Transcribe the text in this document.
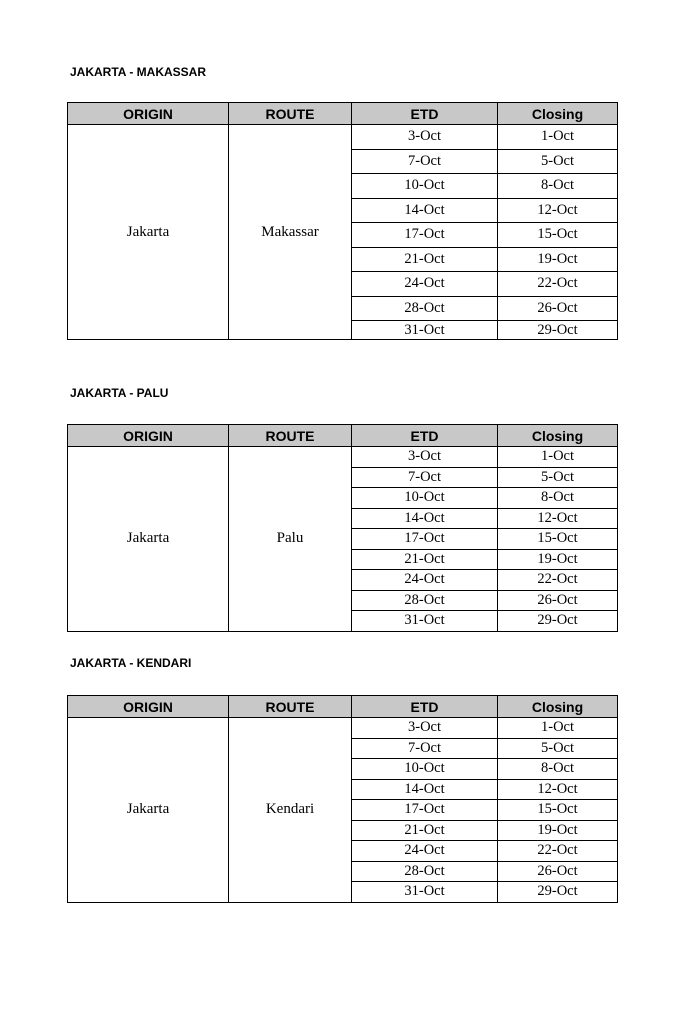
JAKARTA - MAKASSAR
ORIGIN	ROUTE	ETD	Closing
Jakarta	Makassar	3-Oct	1-Oct
		7-Oct	5-Oct
		10-Oct	8-Oct
		14-Oct	12-Oct
		17-Oct	15-Oct
		21-Oct	19-Oct
		24-Oct	22-Oct
		28-Oct	26-Oct
		31-Oct	29-Oct
JAKARTA - PALU
ORIGIN	ROUTE	ETD	Closing
Jakarta	Palu	3-Oct	1-Oct
		7-Oct	5-Oct
		10-Oct	8-Oct
		14-Oct	12-Oct
		17-Oct	15-Oct
		21-Oct	19-Oct
		24-Oct	22-Oct
		28-Oct	26-Oct
		31-Oct	29-Oct
JAKARTA - KENDARI
ORIGIN	ROUTE	ETD	Closing
Jakarta	Kendari	3-Oct	1-Oct
		7-Oct	5-Oct
		10-Oct	8-Oct
		14-Oct	12-Oct
		17-Oct	15-Oct
		21-Oct	19-Oct
		24-Oct	22-Oct
		28-Oct	26-Oct
		31-Oct	29-Oct
